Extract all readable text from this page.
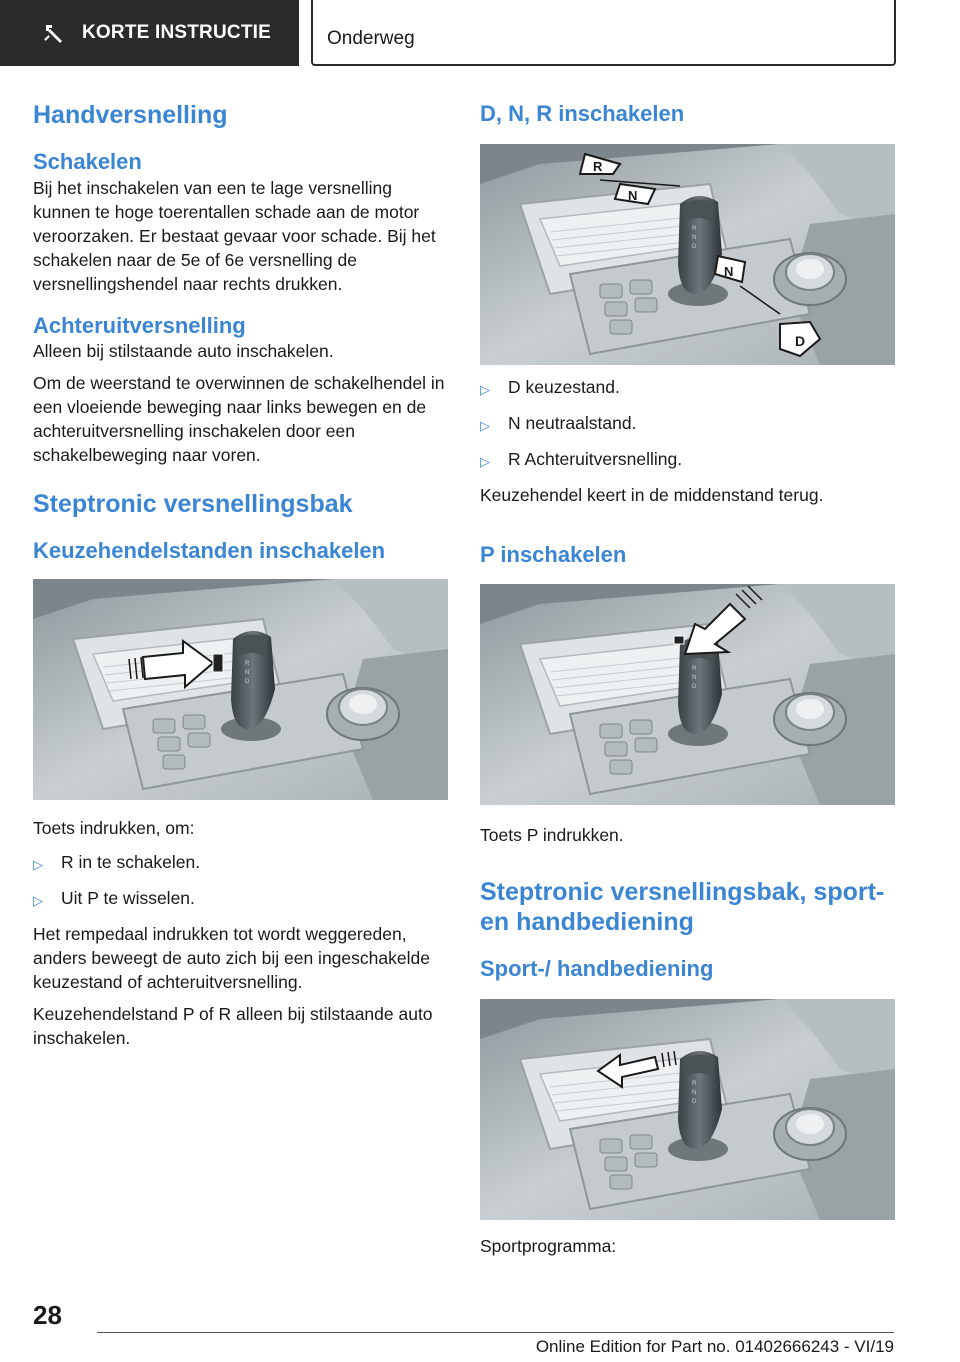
KORTE INSTRUCTIE	Onderweg
Handversnelling
Schakelen

Bij het inschakelen van een te lage versnelling kunnen te hoge toerentallen schade aan de motor veroorzaken. Er bestaat gevaar voor schade. Bij het schakelen naar de 5e of 6e versnelling de versnellingshendel naar rechts drukken.

Achteruitversnelling

Alleen bij stilstaande auto inschakelen.

Om de weerstand te overwinnen de schakelhendel in een vloeiende beweging naar links bewegen en de achteruitversnelling inschakelen door een schakelbeweging naar voren.

Steptronic versnellingsbak
Keuzehendelstanden inschakelen

Toets indrukken, om:

▷	R in te schakelen.
▷	Uit P te wisselen.

Het rempedaal indrukken tot wordt weggereden, anders beweegt de auto zich bij een ingeschakelde keuzestand of achteruitversnelling.

Keuzehendelstand P of R alleen bij stilstaande auto inschakelen.

D, N, R inschakelen
R
N
N
D
▷	D keuzestand.
▷	N neutraalstand.
▷	R Achteruitversnelling.

Keuzehendel keert in de middenstand terug.

P inschakelen

Toets P indrukken.

Steptronic versnellingsbak, sport- en handbediening
Sport-/ handbediening

Sportprogramma:

28
Online Edition for Part no. 01402666243 - VI/19
